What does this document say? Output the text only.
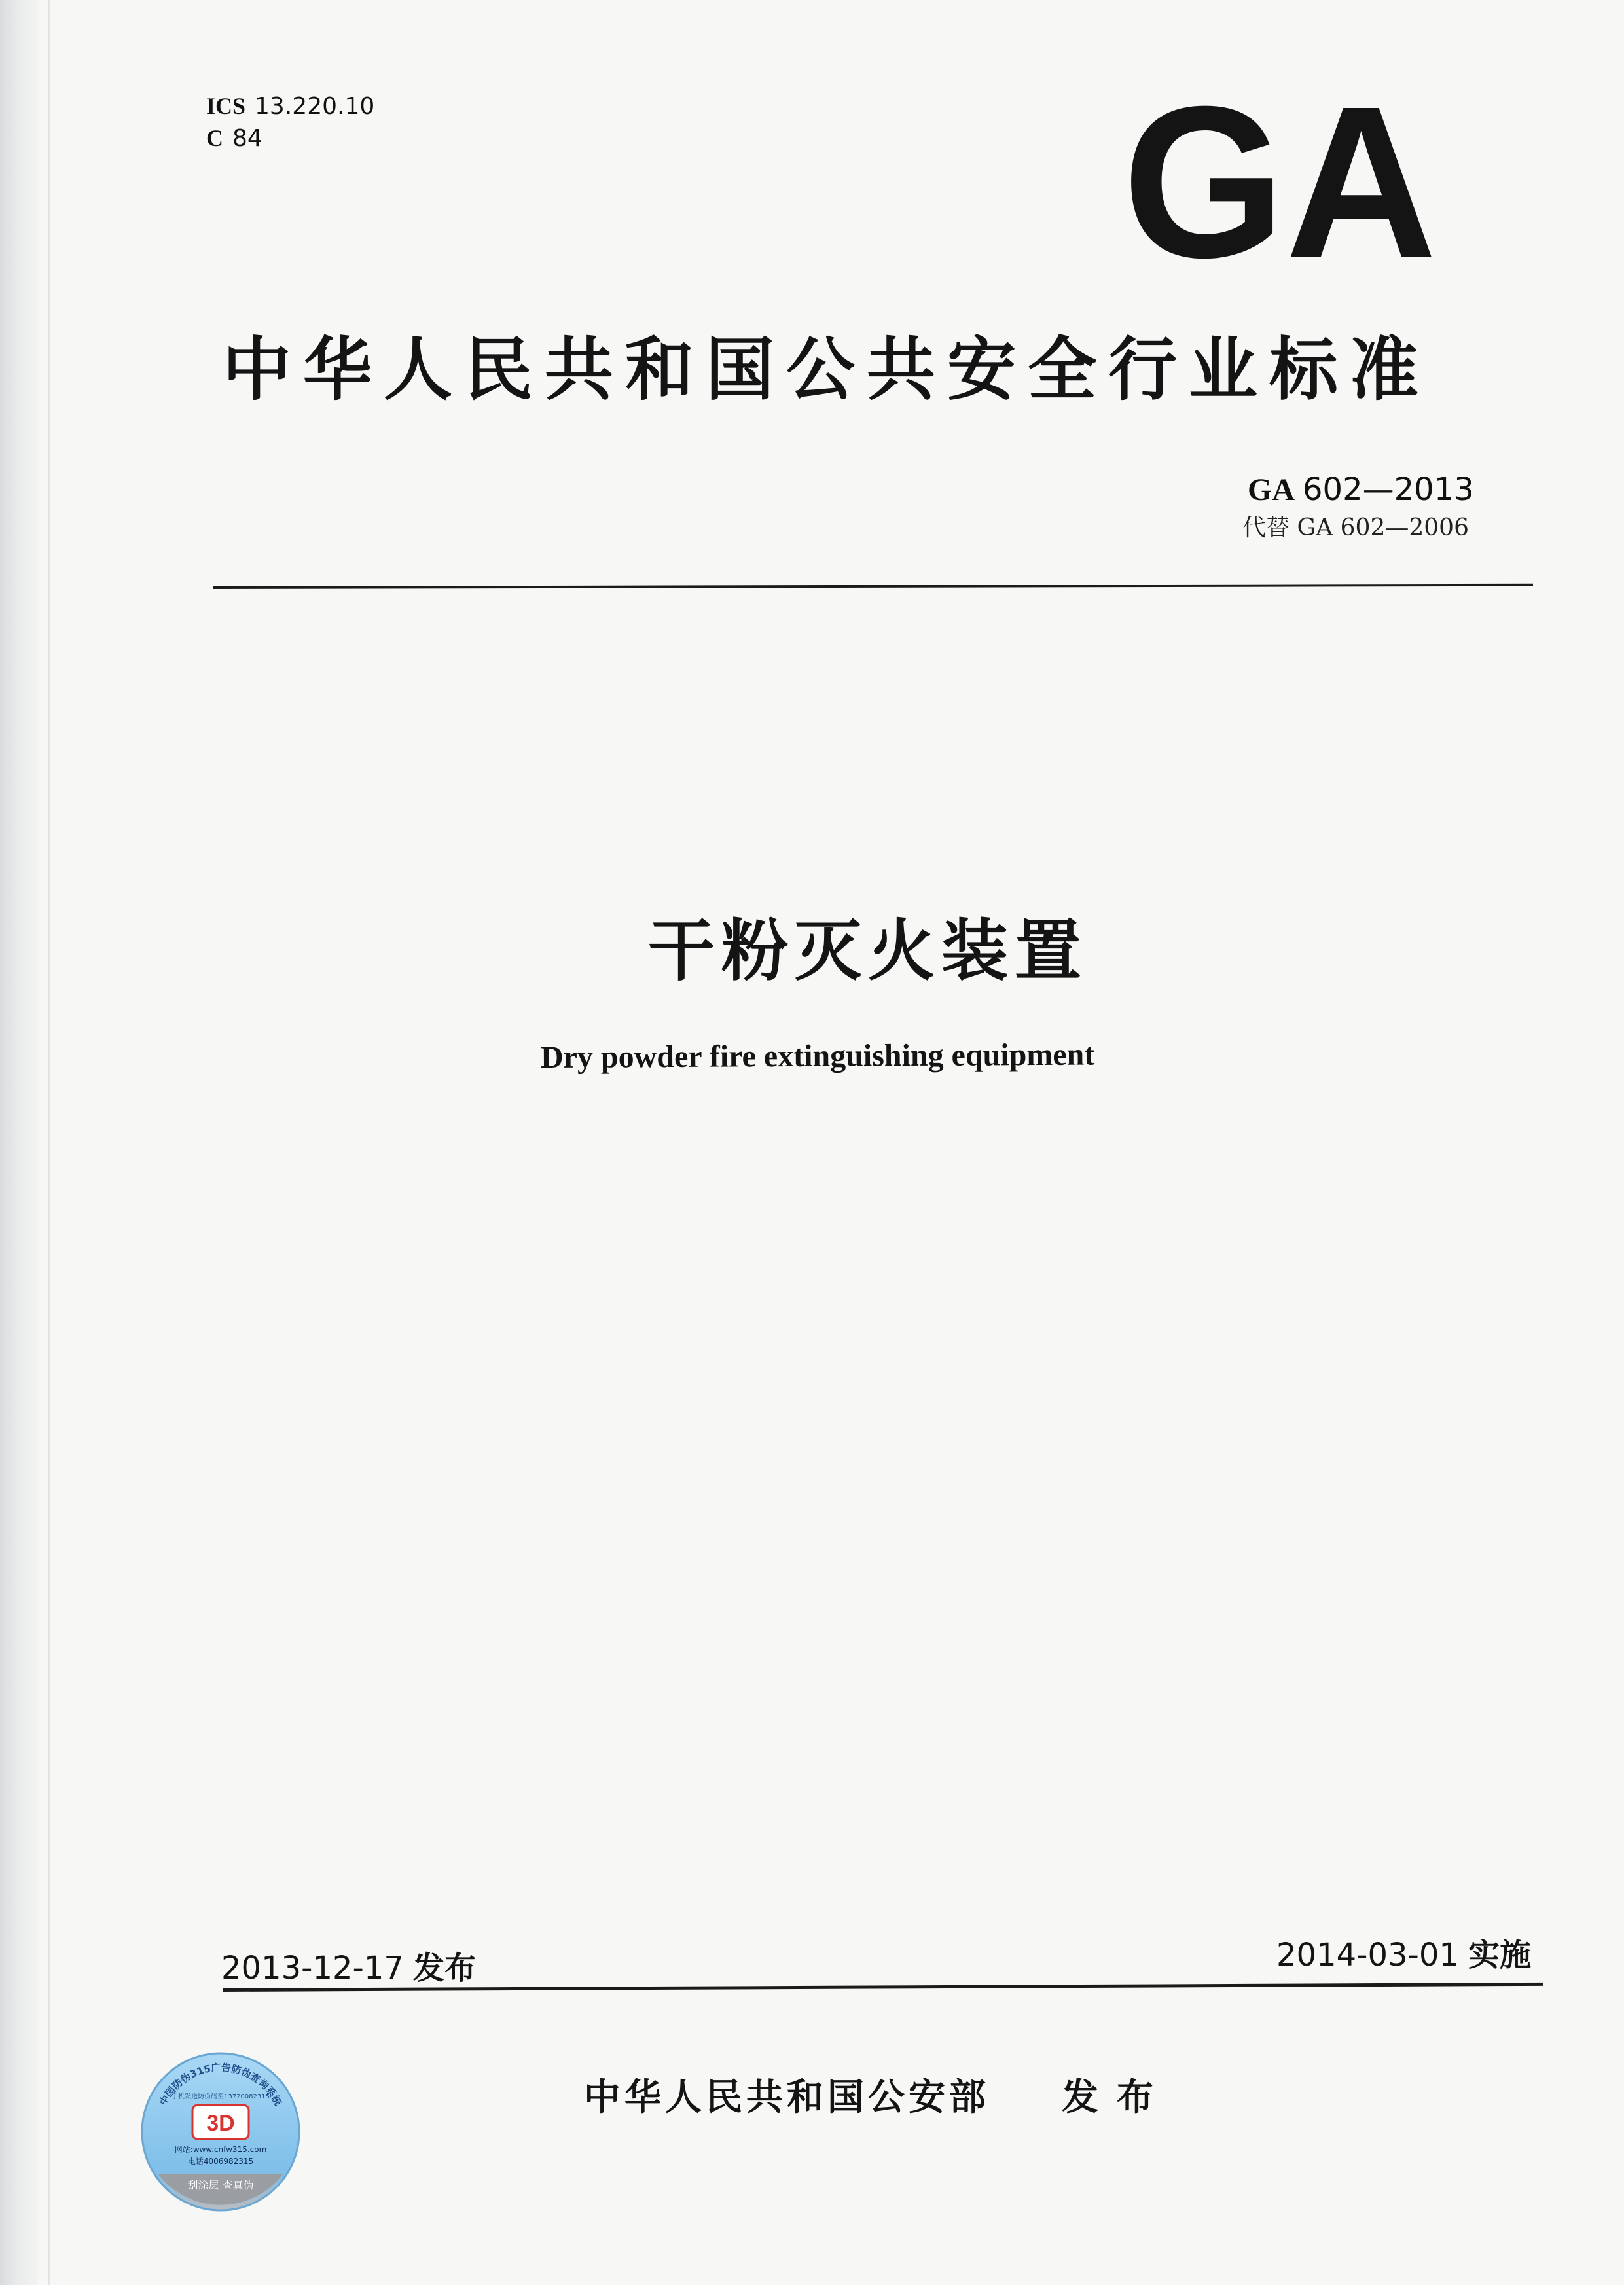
ICS 13.220.10
C 84	GA
中华人民共和国公共安全行业标准
GA 602—2013
代替 GA 602—2006
干粉灭火装置
Dry powder fire extinguishing equipment
2013-12-17 发布	2014-03-01 实施
中华人民共和国公安部 发布
中国防伪315广告防伪查询系统
手机发送防伪码至13720082315
3D
网站:www.cnfw315.com
电话4006982315
刮涂层 查真伪
